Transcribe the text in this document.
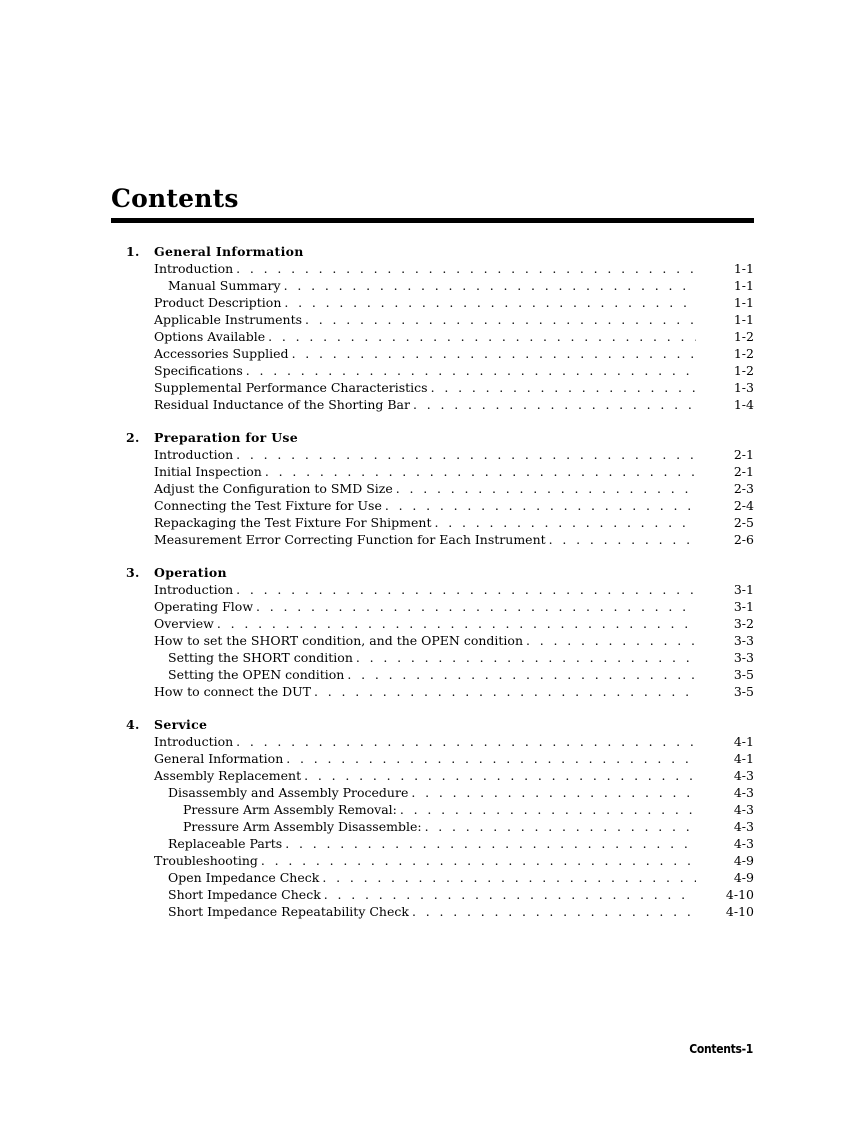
Contents
1. General Information
Introduction . . .	1-1
Manual Summary . . .	1-1
Product Description . . .	1-1
Applicable Instruments . . .	1-1
Options Available . . .	1-2
Accessories Supplied . . .	1-2
Specifications . . .	1-2
Supplemental Performance Characteristics . . .	1-3
Residual Inductance of the Shorting Bar . . .	1-4
2. Preparation for Use
Introduction . . .	2-1
Initial Inspection . . .	2-1
Adjust the Configuration to SMD Size . . .	2-3
Connecting the Test Fixture for Use . . .	2-4
Repackaging the Test Fixture For Shipment . . .	2-5
Measurement Error Correcting Function for Each Instrument . . .	2-6
3. Operation
Introduction . . .	3-1
Operating Flow . . .	3-1
Overview . . .	3-2
How to set the SHORT condition, and the OPEN condition . . .	3-3
Setting the SHORT condition . . .	3-3
Setting the OPEN condition . . .	3-5
How to connect the DUT . . .	3-5
4. Service
Introduction . . .	4-1
General Information . . .	4-1
Assembly Replacement . . .	4-3
Disassembly and Assembly Procedure . . .	4-3
Pressure Arm Assembly Removal: . . .	4-3
Pressure Arm Assembly Disassemble: . . .	4-3
Replaceable Parts . . .	4-3
Troubleshooting . . .	4-9
Open Impedance Check . . .	4-9
Short Impedance Check . . .	4-10
Short Impedance Repeatability Check . . .	4-10
Contents-1
